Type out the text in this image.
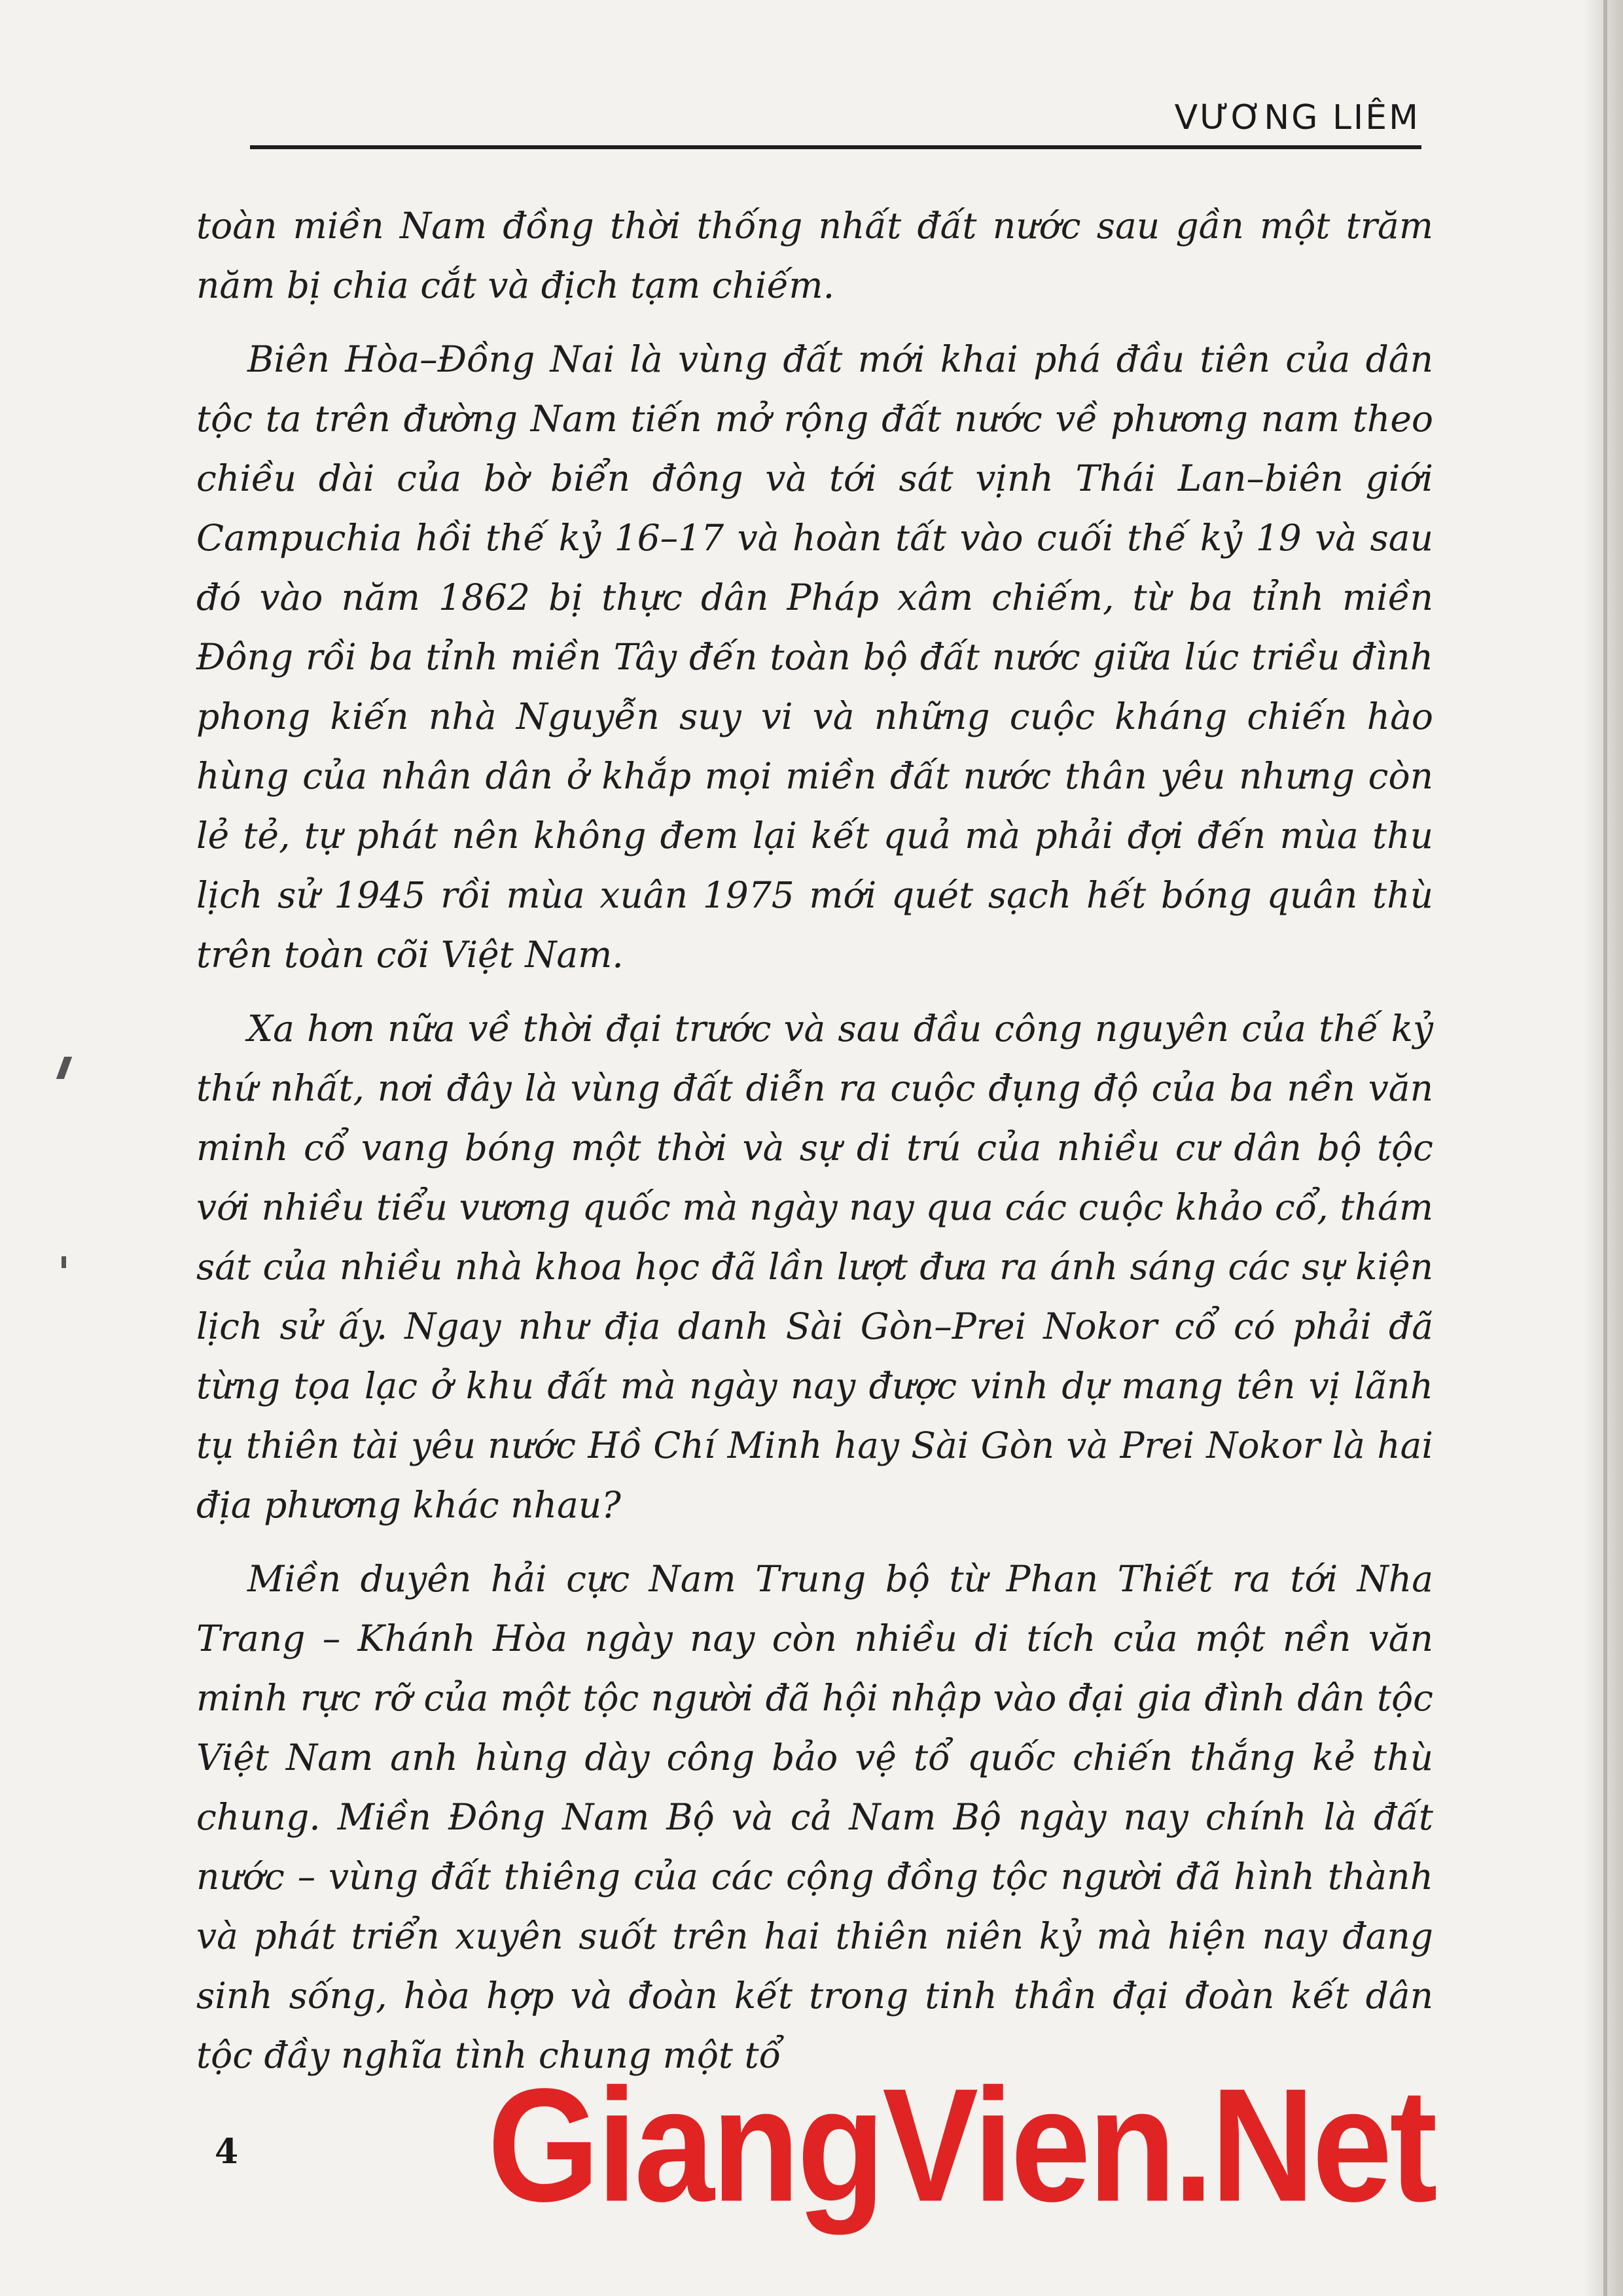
VƯƠNG LIÊM

toàn miền Nam đồng thời thống nhất đất nước sau gần một trăm năm bị chia cắt và địch tạm chiếm.

Biên Hòa–Đồng Nai là vùng đất mới khai phá đầu tiên của dân tộc ta trên đường Nam tiến mở rộng đất nước về phương nam theo chiều dài của bờ biển đông và tới sát vịnh Thái Lan–biên giới Campuchia hồi thế kỷ 16–17 và hoàn tất vào cuối thế kỷ 19 và sau đó vào năm 1862 bị thực dân Pháp xâm chiếm, từ ba tỉnh miền Đông rồi ba tỉnh miền Tây đến toàn bộ đất nước giữa lúc triều đình phong kiến nhà Nguyễn suy vi và những cuộc kháng chiến hào hùng của nhân dân ở khắp mọi miền đất nước thân yêu nhưng còn lẻ tẻ, tự phát nên không đem lại kết quả mà phải đợi đến mùa thu lịch sử 1945 rồi mùa xuân 1975 mới quét sạch hết bóng quân thù trên toàn cõi Việt Nam.

Xa hơn nữa về thời đại trước và sau đầu công nguyên của thế kỷ thứ nhất, nơi đây là vùng đất diễn ra cuộc đụng độ của ba nền văn minh cổ vang bóng một thời và sự di trú của nhiều cư dân bộ tộc với nhiều tiểu vương quốc mà ngày nay qua các cuộc khảo cổ, thám sát của nhiều nhà khoa học đã lần lượt đưa ra ánh sáng các sự kiện lịch sử ấy. Ngay như địa danh Sài Gòn–Prei Nokor cổ có phải đã từng tọa lạc ở khu đất mà ngày nay được vinh dự mang tên vị lãnh tụ thiên tài yêu nước Hồ Chí Minh hay Sài Gòn và Prei Nokor là hai địa phương khác nhau?

Miền duyên hải cực Nam Trung bộ từ Phan Thiết ra tới Nha Trang – Khánh Hòa ngày nay còn nhiều di tích của một nền văn minh rực rỡ của một tộc người đã hội nhập vào đại gia đình dân tộc Việt Nam anh hùng dày công bảo vệ tổ quốc chiến thắng kẻ thù chung. Miền Đông Nam Bộ và cả Nam Bộ ngày nay chính là đất nước – vùng đất thiêng của các cộng đồng tộc người đã hình thành và phát triển xuyên suốt trên hai thiên niên kỷ mà hiện nay đang sinh sống, hòa hợp và đoàn kết trong tinh thần đại đoàn kết dân tộc đầy nghĩa tình chung một tổ

4 GiangVien.Net
